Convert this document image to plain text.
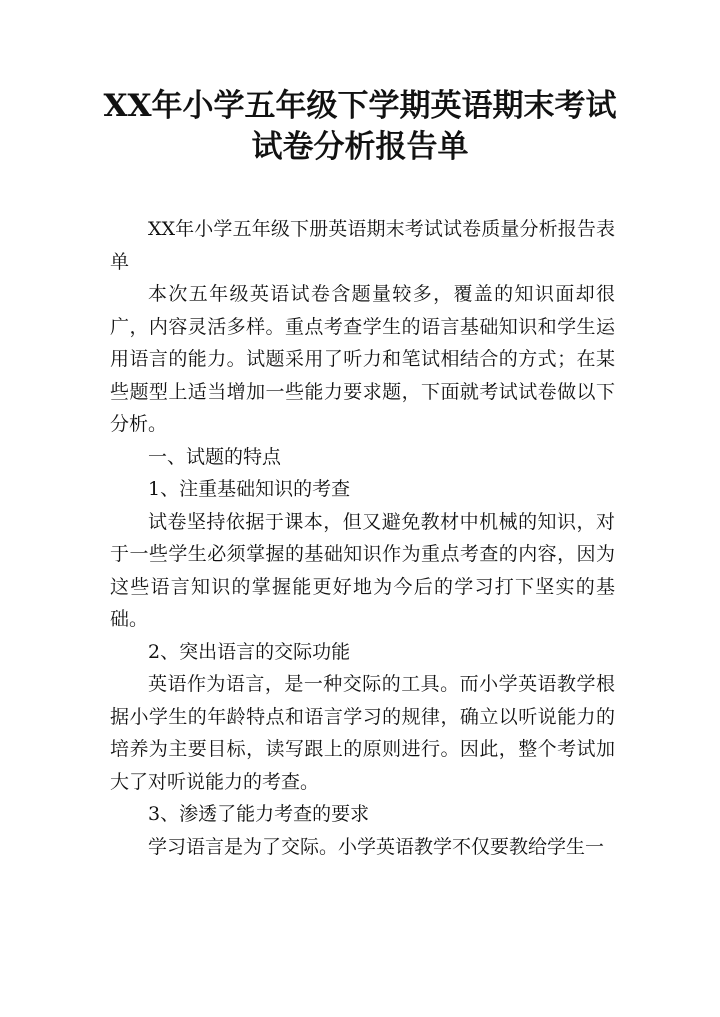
XX年小学五年级下学期英语期末考试试卷分析报告单

XX年小学五年级下册英语期末考试试卷质量分析报告表单

本次五年级英语试卷含题量较多，覆盖的知识面却很广，内容灵活多样。重点考查学生的语言基础知识和学生运用语言的能力。试题采用了听力和笔试相结合的方式；在某些题型上适当增加一些能力要求题，下面就考试试卷做以下分析。

一、试题的特点

1、注重基础知识的考查

试卷坚持依据于课本，但又避免教材中机械的知识，对于一些学生必须掌握的基础知识作为重点考查的内容，因为这些语言知识的掌握能更好地为今后的学习打下坚实的基础。

2、突出语言的交际功能

英语作为语言，是一种交际的工具。而小学英语教学根据小学生的年龄特点和语言学习的规律，确立以听说能力的培养为主要目标，读写跟上的原则进行。因此，整个考试加大了对听说能力的考查。

3、渗透了能力考查的要求

学习语言是为了交际。小学英语教学不仅要教给学生一
